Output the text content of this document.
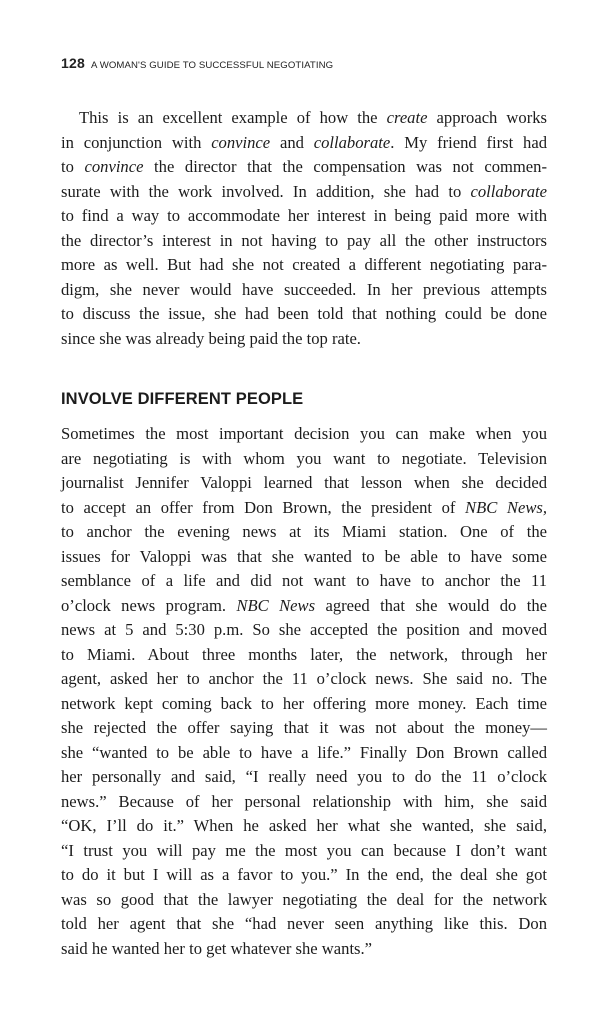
128 A WOMAN'S GUIDE TO SUCCESSFUL NEGOTIATING
This is an excellent example of how the create approach works
in conjunction with convince and collaborate. My friend first had
to convince the director that the compensation was not commen-
surate with the work involved. In addition, she had to collaborate
to find a way to accommodate her interest in being paid more with
the director’s interest in not having to pay all the other instructors
more as well. But had she not created a different negotiating para-
digm, she never would have succeeded. In her previous attempts
to discuss the issue, she had been told that nothing could be done
since she was already being paid the top rate.
INVOLVE DIFFERENT PEOPLE
Sometimes the most important decision you can make when you
are negotiating is with whom you want to negotiate. Television
journalist Jennifer Valoppi learned that lesson when she decided
to accept an offer from Don Brown, the president of NBC News,
to anchor the evening news at its Miami station. One of the
issues for Valoppi was that she wanted to be able to have some
semblance of a life and did not want to have to anchor the 11
o’clock news program. NBC News agreed that she would do the
news at 5 and 5:30 p.m. So she accepted the position and moved
to Miami. About three months later, the network, through her
agent, asked her to anchor the 11 o’clock news. She said no. The
network kept coming back to her offering more money. Each time
she rejected the offer saying that it was not about the money—
she “wanted to be able to have a life.” Finally Don Brown called
her personally and said, “I really need you to do the 11 o’clock
news.” Because of her personal relationship with him, she said
“OK, I’ll do it.” When he asked her what she wanted, she said,
“I trust you will pay me the most you can because I don’t want
to do it but I will as a favor to you.” In the end, the deal she got
was so good that the lawyer negotiating the deal for the network
told her agent that she “had never seen anything like this. Don
said he wanted her to get whatever she wants.”
